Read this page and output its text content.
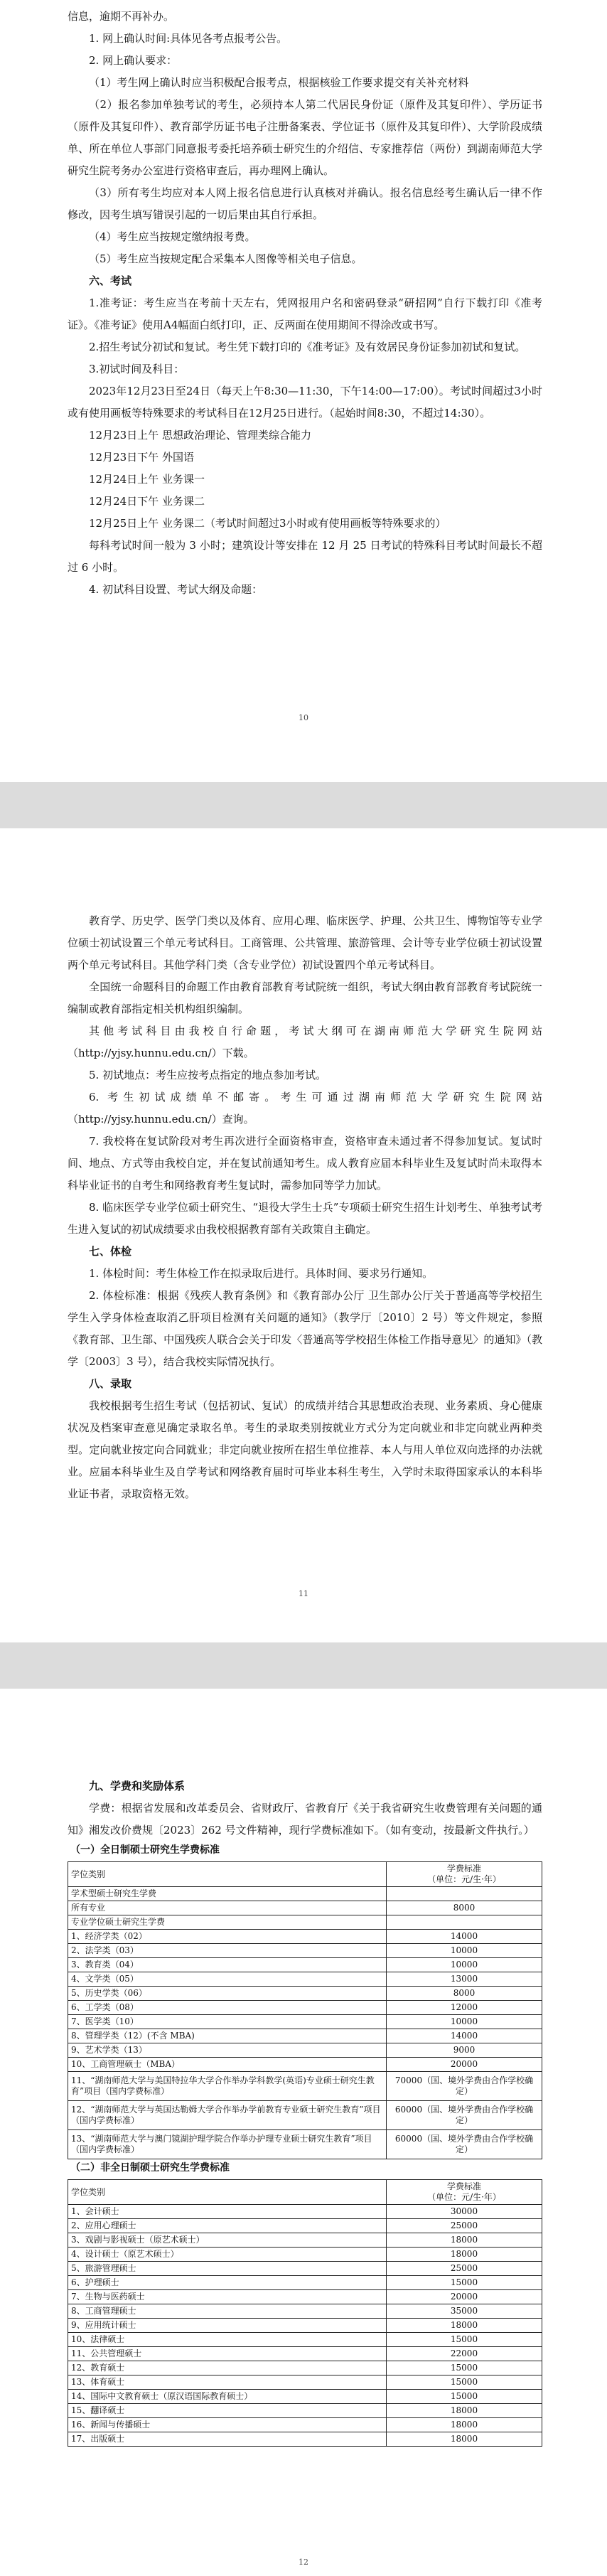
信息，逾期不再补办。

1. 网上确认时间:具体见各考点报考公告。

2. 网上确认要求：

（1）考生网上确认时应当积极配合报考点，根据核验工作要求提交有关补充材料

（2）报名参加单独考试的考生，必须持本人第二代居民身份证（原件及其复印件）、学历证书（原件及其复印件）、教育部学历证书电子注册备案表、学位证书（原件及其复印件）、大学阶段成绩单、所在单位人事部门同意报考委托培养硕士研究生的介绍信、专家推荐信（两份）到湖南师范大学研究生院考务办公室进行资格审查后，再办理网上确认。

（3）所有考生均应对本人网上报名信息进行认真核对并确认。报名信息经考生确认后一律不作修改，因考生填写错误引起的一切后果由其自行承担。

（4）考生应当按规定缴纳报考费。

（5）考生应当按规定配合采集本人图像等相关电子信息。

六、考试

1.准考证：考生应当在考前十天左右，凭网报用户名和密码登录“研招网”自行下载打印《准考证》。《准考证》使用A4幅面白纸打印，正、反两面在使用期间不得涂改或书写。

2.招生考试分初试和复试。考生凭下载打印的《准考证》及有效居民身份证参加初试和复试。

3.初试时间及科目：

2023年12月23日至24日（每天上午8:30—11:30，下午14:00—17:00）。考试时间超过3小时或有使用画板等特殊要求的考试科目在12月25日进行。（起始时间8:30，不超过14:30）。

12月23日上午 思想政治理论、管理类综合能力

12月23日下午 外国语

12月24日上午 业务课一

12月24日下午 业务课二

12月25日上午 业务课二（考试时间超过3小时或有使用画板等特殊要求的）

每科考试时间一般为 3 小时；建筑设计等安排在 12 月 25 日考试的特殊科目考试时间最长不超过 6 小时。

4. 初试科目设置、考试大纲及命题：

10

教育学、历史学、医学门类以及体育、应用心理、临床医学、护理、公共卫生、博物馆等专业学位硕士初试设置三个单元考试科目。工商管理、公共管理、旅游管理、会计等专业学位硕士初试设置两个单元考试科目。其他学科门类（含专业学位）初试设置四个单元考试科目。

全国统一命题科目的命题工作由教育部教育考试院统一组织，考试大纲由教育部教育考试院统一编制或教育部指定相关机构组织编制。

其他考试科目由我校自行命题，考试大纲可在湖南师范大学研究生院网站（http://yjsy.hunnu.edu.cn/）下载。

5. 初试地点：考生应按考点指定的地点参加考试。

6. 考生初试成绩单不邮寄。考生可通过湖南师范大学研究生院网站（http://yjsy.hunnu.edu.cn/）查询。

7. 我校将在复试阶段对考生再次进行全面资格审查，资格审查未通过者不得参加复试。复试时间、地点、方式等由我校自定，并在复试前通知考生。成人教育应届本科毕业生及复试时尚未取得本科毕业证书的自考生和网络教育考生复试时，需参加同等学力加试。

8. 临床医学专业学位硕士研究生、“退役大学生士兵”专项硕士研究生招生计划考生、单独考试考生进入复试的初试成绩要求由我校根据教育部有关政策自主确定。

七、体检

1. 体检时间：考生体检工作在拟录取后进行。具体时间、要求另行通知。

2. 体检标准：根据《残疾人教育条例》和《教育部办公厅 卫生部办公厅关于普通高等学校招生学生入学身体检查取消乙肝项目检测有关问题的通知》（教学厅〔2010〕2 号）等文件规定，参照《教育部、卫生部、中国残疾人联合会关于印发〈普通高等学校招生体检工作指导意见〉的通知》（教学〔2003〕3 号），结合我校实际情况执行。

八、录取

我校根据考生招生考试（包括初试、复试）的成绩并结合其思想政治表现、业务素质、身心健康状况及档案审查意见确定录取名单。考生的录取类别按就业方式分为定向就业和非定向就业两种类型。定向就业按定向合同就业；非定向就业按所在招生单位推荐、本人与用人单位双向选择的办法就业。应届本科毕业生及自学考试和网络教育届时可毕业本科生考生，入学时未取得国家承认的本科毕业证书者，录取资格无效。

11

九、学费和奖励体系

学费：根据省发展和改革委员会、省财政厅、省教育厅《关于我省研究生收费管理有关问题的通知》湘发改价费规〔2023〕262 号文件精神，现行学费标准如下。（如有变动，按最新文件执行。）

（一）全日制硕士研究生学费标准
学位类别	学费标准
（单位：元/生·年）

学术型硕士研究生学费	
所有专业	8000
专业学位硕士研究生学费	
1、经济学类（02）	14000
2、法学类（03）	10000
3、教育类（04）	10000
4、文学类（05）	13000
5、历史学类（06）	8000
6、工学类（08）	12000
7、医学类（10）	10000
8、管理学类（12）(不含 MBA)	14000
9、艺术学类（13）	9000
10、工商管理硕士（MBA）	20000
11、“湖南师范大学与美国特拉华大学合作举办学科教学(英语)专业硕士研究生教育”项目（国内学费标准）	70000（国、境外学费由合作学校确定）
12、“湖南师范大学与英国达勒姆大学合作举办学前教育专业硕士研究生教育”项目（国内学费标准）	60000（国、境外学费由合作学校确定）
13、“湖南师范大学与澳门镜湖护理学院合作举办护理专业硕士研究生教育”项目（国内学费标准）	60000（国、境外学费由合作学校确定）
（二）非全日制硕士研究生学费标准
学位类别	学费标准
（单位：元/生·年）

1、会计硕士	30000
2、应用心理硕士	25000
3、戏剧与影视硕士（原艺术硕士）	18000
4、设计硕士（原艺术硕士）	18000
5、旅游管理硕士	25000
6、护理硕士	15000
7、生物与医药硕士	20000
8、工商管理硕士	35000
9、应用统计硕士	18000
10、法律硕士	15000
11、公共管理硕士	22000
12、教育硕士	15000
13、体育硕士	15000
14、国际中文教育硕士（原汉语国际教育硕士）	15000
15、翻译硕士	18000
16、新闻与传播硕士	18000
17、出版硕士	18000
12
